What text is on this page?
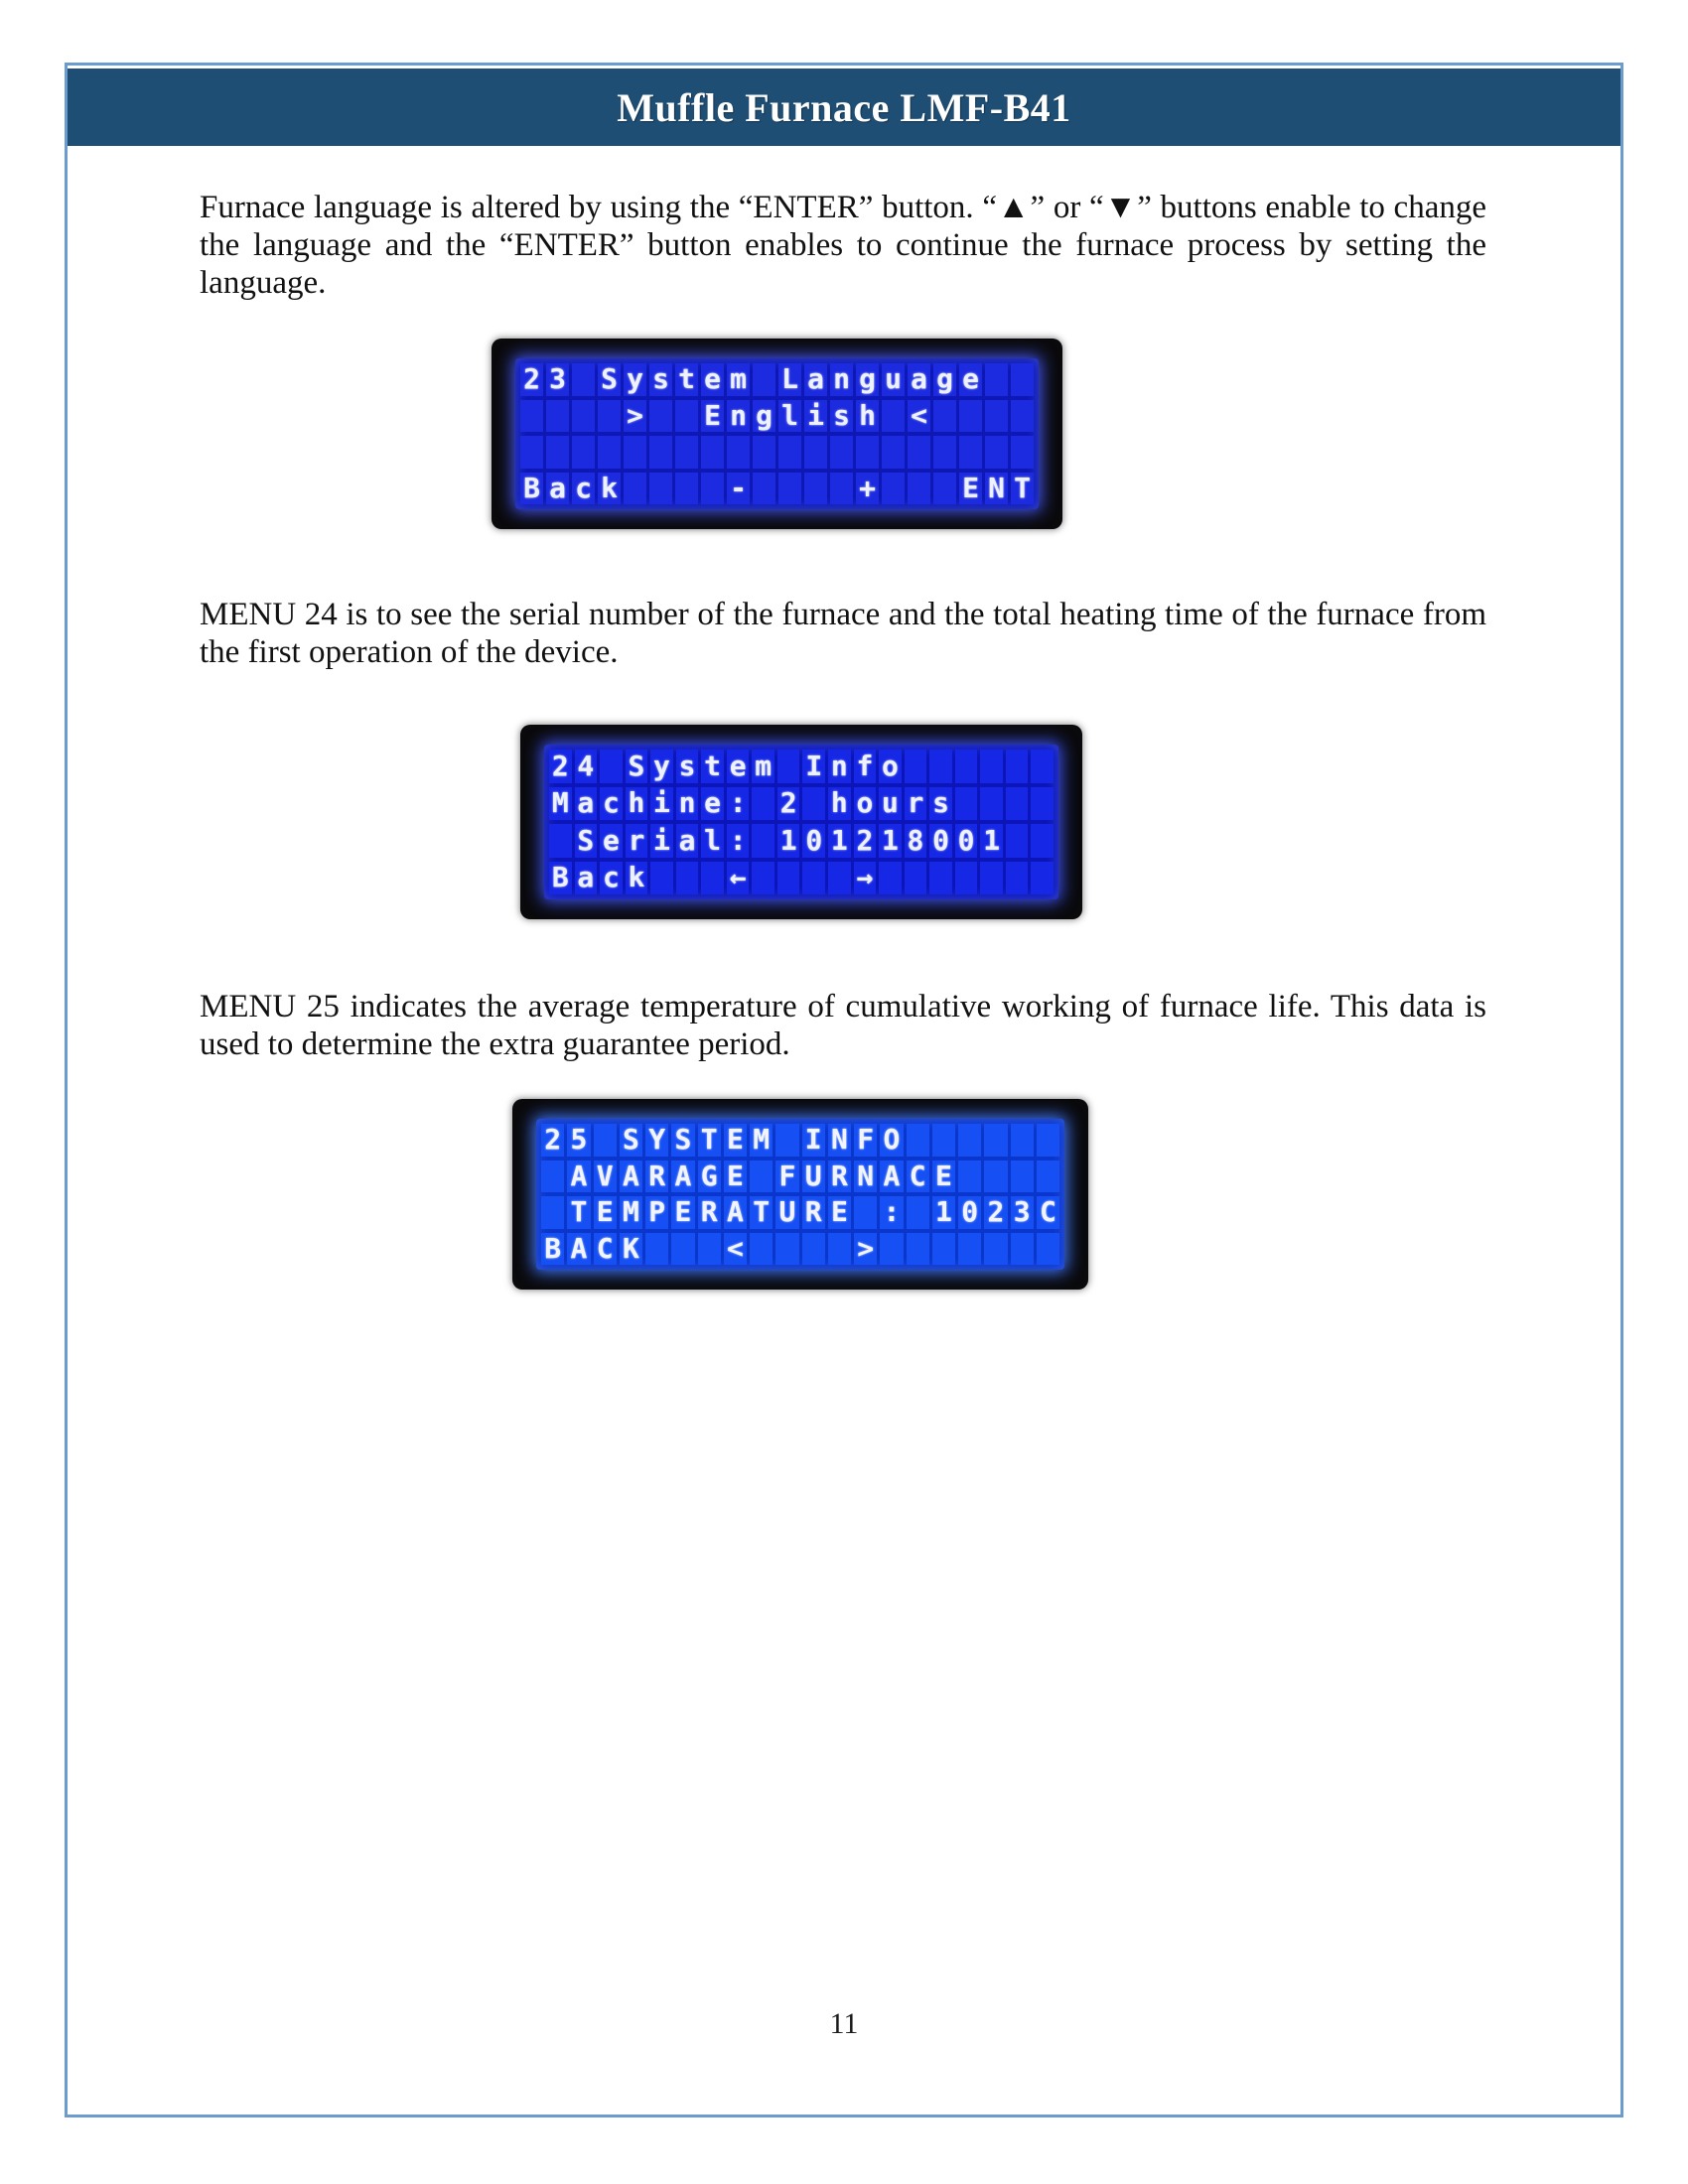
Muffle Furnace LMF-B41
Furnace language is altered by using the “ENTER” button. “▲” or “▼” buttons enable to change the language and the “ENTER” button enables to continue the furnace process by setting the language.
2 3 S y s t e m L a n g u a g e
> E n g l i s h <
B a c k	-	+	E N T
MENU 24 is to see the serial number of the furnace and the total heating time of the furnace from the first operation of the device.
2 4 S y s t e m I n f o
M a c h i n e : 2 h o u r s
S e r i a l : 1 0 1 2 1 8 0 0 1
B a c k	←	→
MENU 25 indicates the average temperature of cumulative working of furnace life. This data is used to determine the extra guarantee period.
2 5 S Y S T E M I N F O
A V A R A G E F U R N A C E
T E M P E R A T U R E : 1 0 2 3 C
B A C K	<	>
11
